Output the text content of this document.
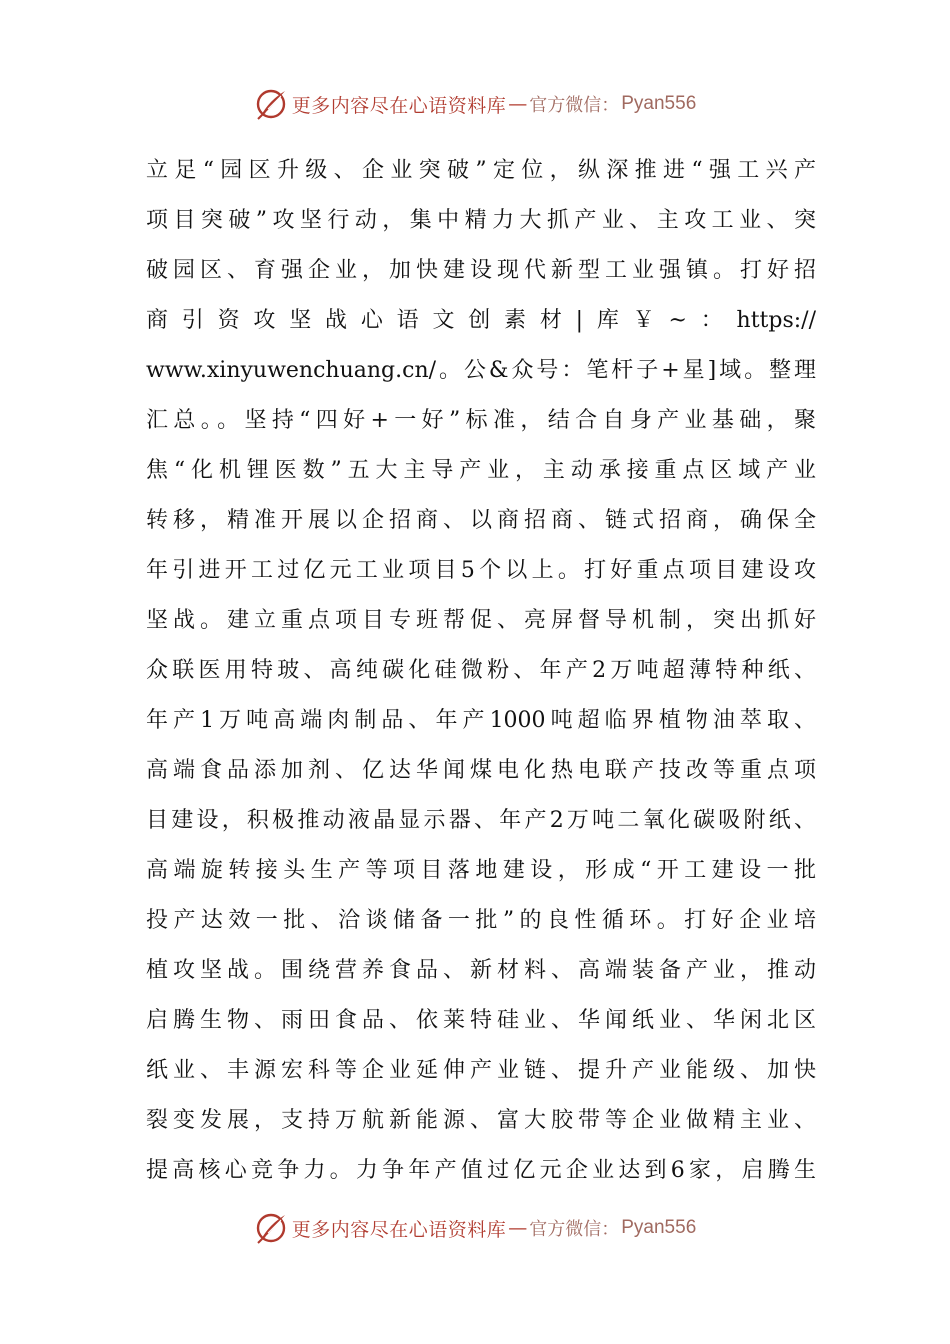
更多内容尽在心语资料库 — 官方微信： Pyan556
立足“园区升级、企业突破”定位，纵深推进“强工兴产
项目突破”攻坚行动，集中精力大抓产业、主攻工业、突
破园区、育强企业，加快建设现代新型工业强镇。打好招
商引资攻坚战心语文创素材|库￥~：https://
www.xinyuwenchuang.cn/。公&众号：笔杆子+星]域。整理
汇总。。坚持“四好+一好”标准，结合自身产业基础，聚
焦“化机锂医数”五大主导产业，主动承接重点区域产业
转移，精准开展以企招商、以商招商、链式招商，确保全
年引进开工过亿元工业项目5个以上。打好重点项目建设攻
坚战。建立重点项目专班帮促、亮屏督导机制，突出抓好
众联医用特玻、高纯碳化硅微粉、年产2万吨超薄特种纸、
年产1万吨高端肉制品、年产1000吨超临界植物油萃取、
高端食品添加剂、亿达华闻煤电化热电联产技改等重点项
目建设，积极推动液晶显示器、年产2万吨二氧化碳吸附纸、
高端旋转接头生产等项目落地建设，形成“开工建设一批
投产达效一批、洽谈储备一批”的良性循环。打好企业培
植攻坚战。围绕营养食品、新材料、高端装备产业，推动
启腾生物、雨田食品、依莱特硅业、华闻纸业、华闲北区
纸业、丰源宏科等企业延伸产业链、提升产业能级、加快
裂变发展，支持万航新能源、富大胶带等企业做精主业、
提高核心竞争力。力争年产值过亿元企业达到6家，启腾生
更多内容尽在心语资料库 — 官方微信： Pyan556
